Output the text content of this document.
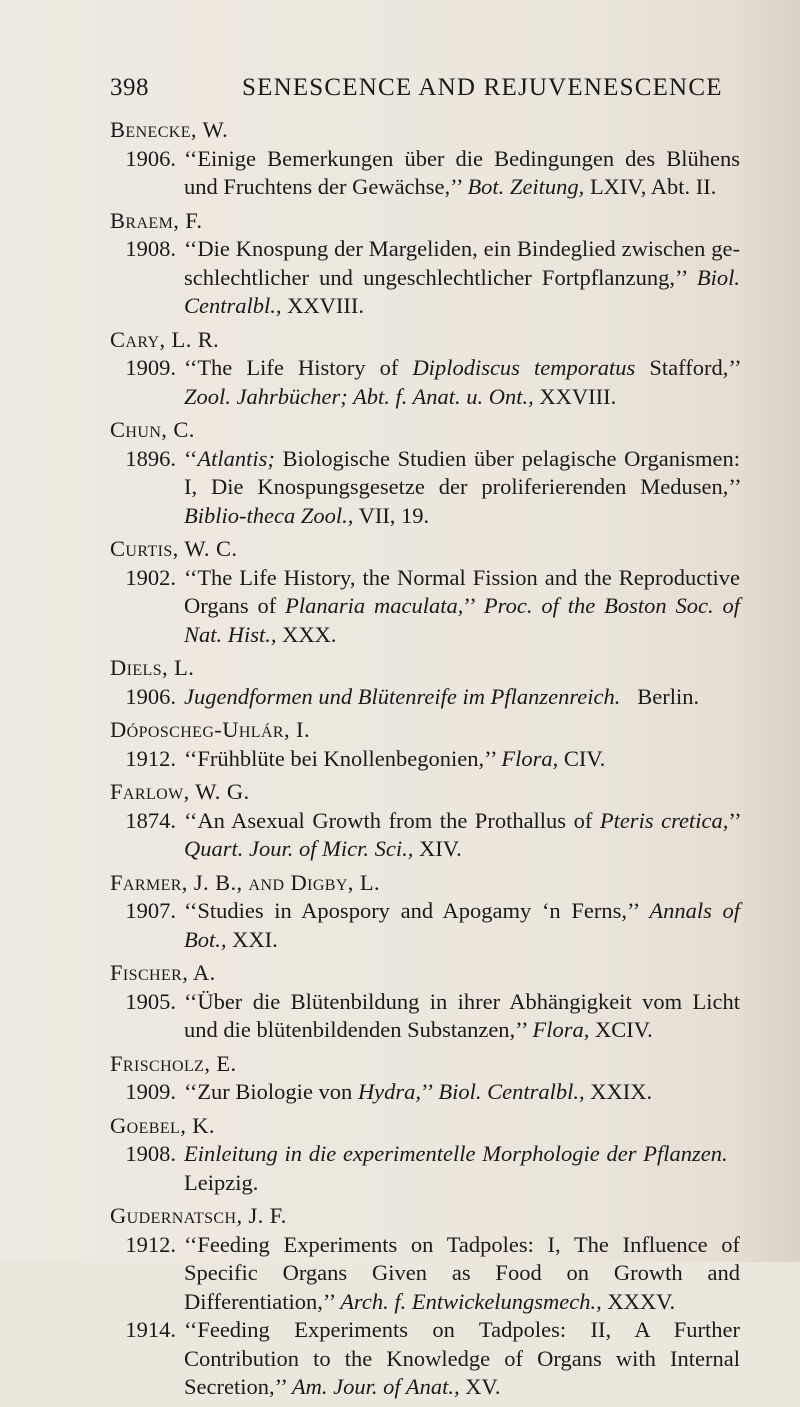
398	SENESCENCE AND REJUVENESCENCE
Benecke, W.
1906. ‘‘Einige Bemerkungen über die Bedingungen des Blühens und Fruchtens der Gewächse,’’ Bot. Zeitung, LXIV, Abt. II.
Braem, F.
1908. ‘‘Die Knospung der Margeliden, ein Bindeglied zwischen ge-schlechtlicher und ungeschlechtlicher Fortpflanzung,’’ Biol. Centralbl., XXVIII.
Cary, L. R.
1909. ‘‘The Life History of Diplodiscus temporatus Stafford,’’ Zool. Jahrbücher; Abt. f. Anat. u. Ont., XXVIII.
Chun, C.
1896. ‘‘Atlantis; Biologische Studien über pelagische Organismen: I, Die Knospungsgesetze der proliferierenden Medusen,’’ Biblio-theca Zool., VII, 19.
Curtis, W. C.
1902. ‘‘The Life History, the Normal Fission and the Reproductive Organs of Planaria maculata,’’ Proc. of the Boston Soc. of Nat. Hist., XXX.
Diels, L.
1906. Jugendformen und Blütenreife im Pflanzenreich. Berlin.
Dóposcheg-Uhlár, I.
1912. ‘‘Frühblüte bei Knollenbegonien,’’ Flora, CIV.
Farlow, W. G.
1874. ‘‘An Asexual Growth from the Prothallus of Pteris cretica,’’ Quart. Jour. of Micr. Sci., XIV.
Farmer, J. B., and Digby, L.
1907. ‘‘Studies in Apospory and Apogamy ‘n Ferns,’’ Annals of Bot., XXI.
Fischer, A.
1905. ‘‘Über die Blütenbildung in ihrer Abhängigkeit vom Licht und die blütenbildenden Substanzen,’’ Flora, XCIV.
Frischolz, E.
1909. ‘‘Zur Biologie von Hydra,’’ Biol. Centralbl., XXIX.
Goebel, K.
1908. Einleitung in die experimentelle Morphologie der Pflanzen.   Leipzig.
Gudernatsch, J. F.
1912. ‘‘Feeding Experiments on Tadpoles: I, The Influence of Specific Organs Given as Food on Growth and Differentiation,’’ Arch. f. Entwickelungsmech., XXXV.
1914. ‘‘Feeding Experiments on Tadpoles: II, A Further Contribution to the Knowledge of Organs with Internal Secretion,’’ Am. Jour. of Anat., XV.
